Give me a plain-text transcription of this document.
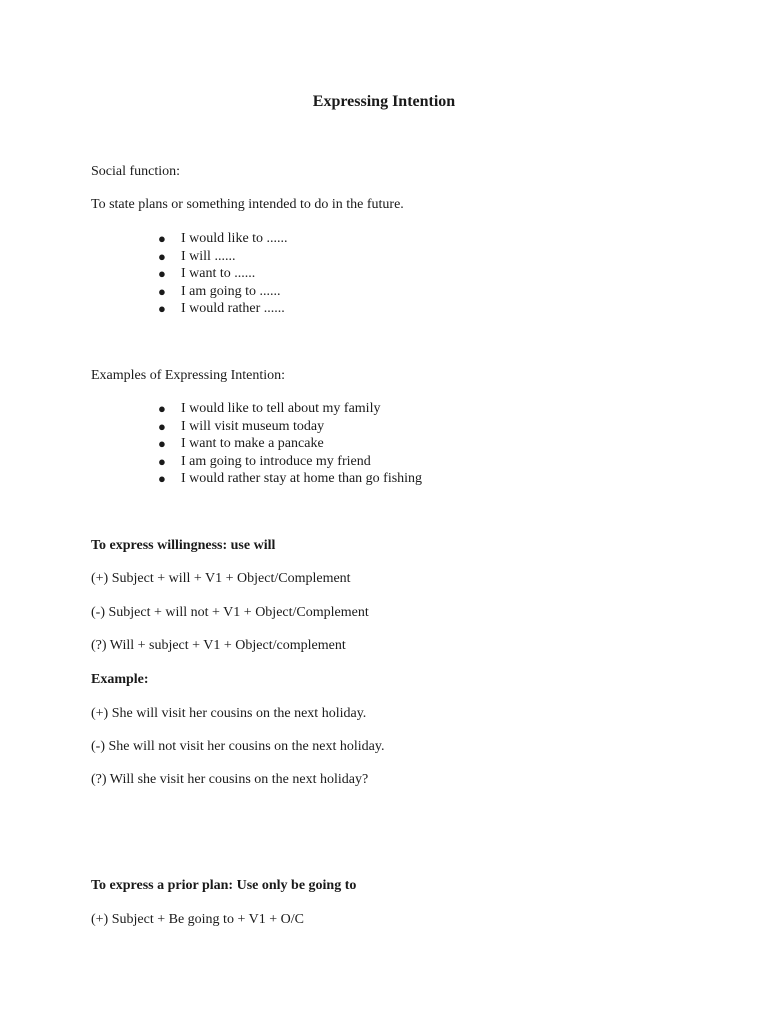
Expressing Intention
Social function:
To state plans or something intended to do in the future.
● I would like to ......
● I will ......
● I want to ......
● I am going to ......
● I would rather ......
Examples of Expressing Intention:
● I would like to tell about my family
● I will visit museum today
● I want to make a pancake
● I am going to introduce my friend
● I would rather stay at home than go fishing
To express willingness: use will
(+) Subject + will + V1 + Object/Complement
(-) Subject + will not + V1 + Object/Complement
(?) Will + subject + V1 + Object/complement
Example:
(+) She will visit her cousins on the next holiday.
(-) She will not visit her cousins on the next holiday.
(?) Will she visit her cousins on the next holiday?
To express a prior plan: Use only be going to
(+) Subject + Be going to + V1 + O/C
